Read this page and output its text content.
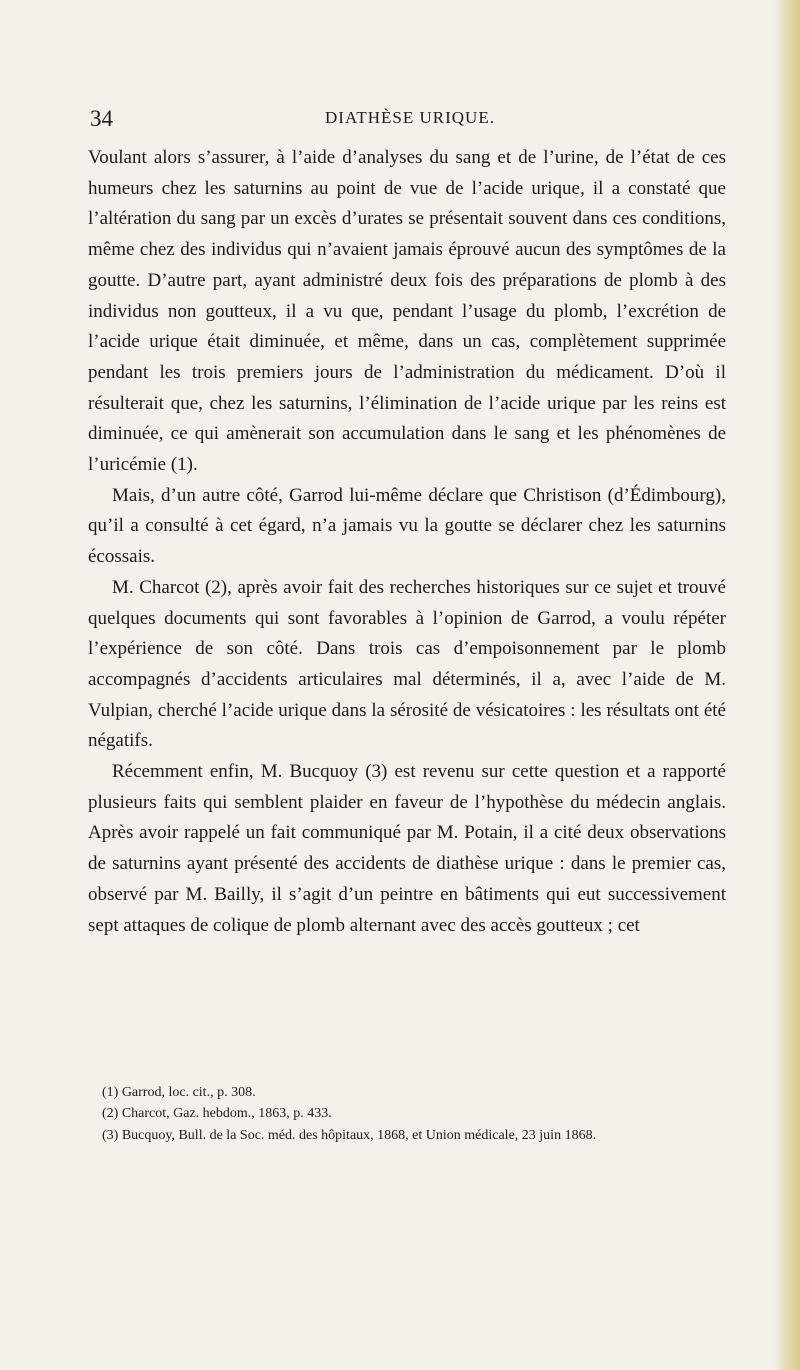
34	DIATHÈSE URIQUE.

Voulant alors s’assurer, à l’aide d’analyses du sang et de l’urine, de l’état de ces humeurs chez les saturnins au point de vue de l’acide urique, il a constaté que l’altération du sang par un excès d’urates se présentait souvent dans ces conditions, même chez des individus qui n’avaient jamais éprouvé aucun des symptômes de la goutte. D’autre part, ayant administré deux fois des préparations de plomb à des individus non goutteux, il a vu que, pendant l’usage du plomb, l’excrétion de l’acide urique était diminuée, et même, dans un cas, complètement supprimée pendant les trois premiers jours de l’administration du médicament. D’où il résulterait que, chez les saturnins, l’élimination de l’acide urique par les reins est diminuée, ce qui amènerait son accumulation dans le sang et les phénomènes de l’uricémie (1).

Mais, d’un autre côté, Garrod lui-même déclare que Christison (d’Édimbourg), qu’il a consulté à cet égard, n’a jamais vu la goutte se déclarer chez les saturnins écossais.

M. Charcot (2), après avoir fait des recherches historiques sur ce sujet et trouvé quelques documents qui sont favorables à l’opinion de Garrod, a voulu répéter l’expérience de son côté. Dans trois cas d’empoisonnement par le plomb accompagnés d’accidents articulaires mal déterminés, il a, avec l’aide de M. Vulpian, cherché l’acide urique dans la sérosité de vésicatoires : les résultats ont été négatifs.

Récemment enfin, M. Bucquoy (3) est revenu sur cette question et a rapporté plusieurs faits qui semblent plaider en faveur de l’hypothèse du médecin anglais. Après avoir rappelé un fait communiqué par M. Potain, il a cité deux observations de saturnins ayant présenté des accidents de diathèse urique : dans le premier cas, observé par M. Bailly, il s’agit d’un peintre en bâtiments qui eut successivement sept attaques de colique de plomb alternant avec des accès goutteux ; cet

(1) Garrod, loc. cit., p. 308.

(2) Charcot, Gaz. hebdom., 1863, p. 433.

(3) Bucquoy, Bull. de la Soc. méd. des hôpitaux, 1868, et Union médicale, 23 juin 1868.
